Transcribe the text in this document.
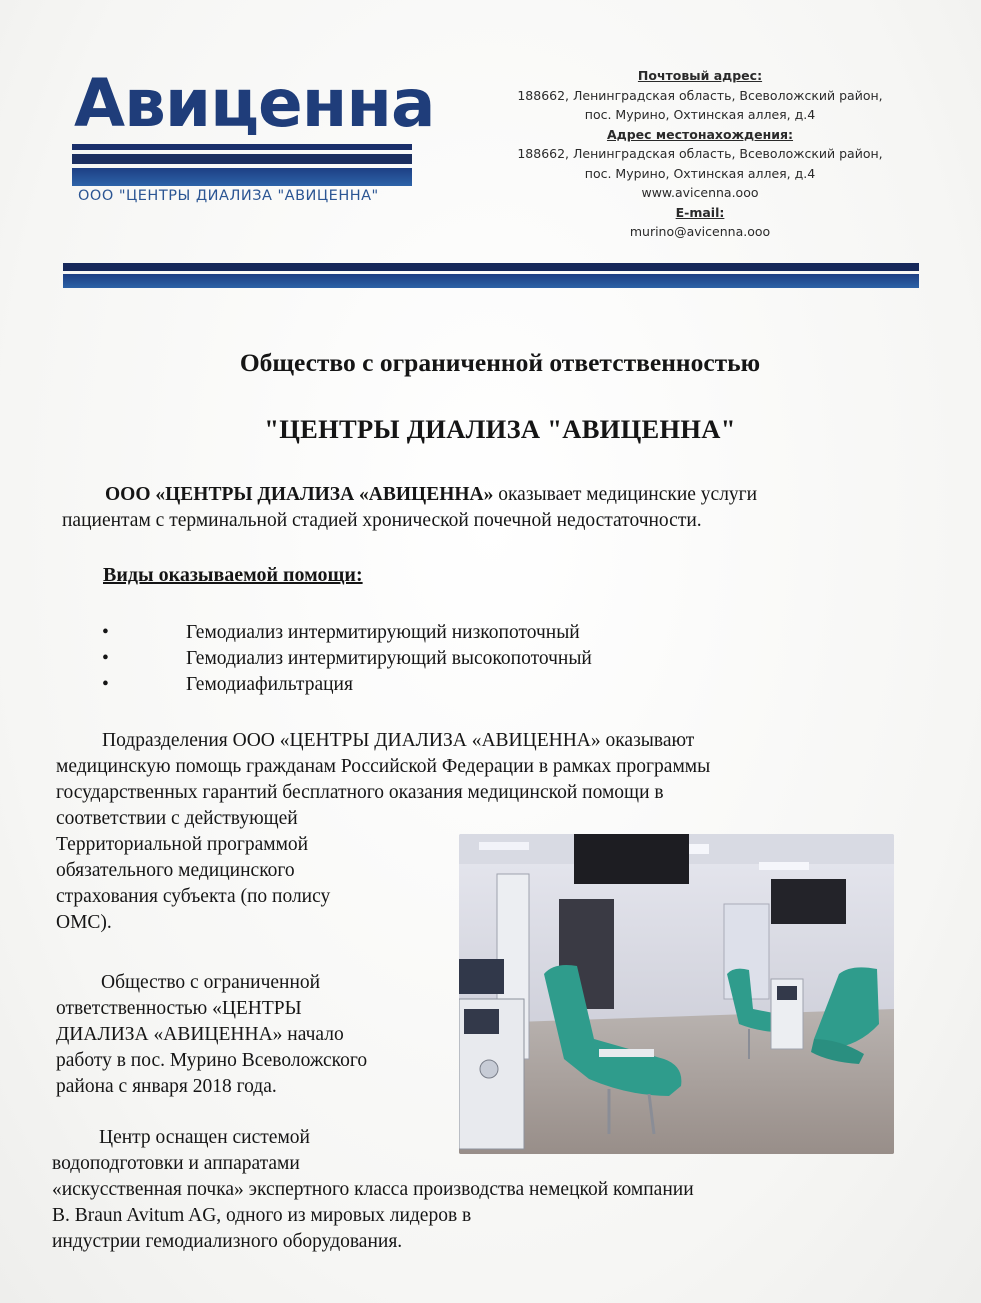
Авиценна
ООО "ЦЕНТРЫ ДИАЛИЗА "АВИЦЕННА"
Почтовый адрес:
188662, Ленинградская область, Всеволожский район,
пос. Мурино, Охтинская аллея, д.4
Адрес местонахождения:
188662, Ленинградская область, Всеволожский район,
пос. Мурино, Охтинская аллея, д.4
www.avicenna.ooo
E-mail:
murino@avicenna.ooo
Общество с ограниченной ответственностью
"ЦЕНТРЫ ДИАЛИЗА "АВИЦЕННА"
ООО «ЦЕНТРЫ ДИАЛИЗА «АВИЦЕННА» оказывает медицинские услуги
пациентам с терминальной стадией хронической почечной недостаточности.
Виды оказываемой помощи:
•	Гемодиализ интермитирующий низкопоточный
•	Гемодиализ интермитирующий высокопоточный
•	Гемодиафильтрация
Подразделения ООО «ЦЕНТРЫ ДИАЛИЗА «АВИЦЕННА» оказывают
медицинскую помощь гражданам Российской Федерации в рамках программы
государственных гарантий бесплатного оказания медицинской помощи в
соответствии с действующей
Территориальной программой
обязательного медицинского
страхования субъекта (по полису
ОМС).
Общество с ограниченной
ответственностью «ЦЕНТРЫ
ДИАЛИЗА «АВИЦЕННА» начало
работу в пос. Мурино Всеволожского
района с января 2018 года.
Центр оснащен системой
водоподготовки и аппаратами
«искусственная почка» экспертного класса производства немецкой компании
B. Braun Avitum AG, одного из мировых лидеров в
индустрии гемодиализного оборудования.
